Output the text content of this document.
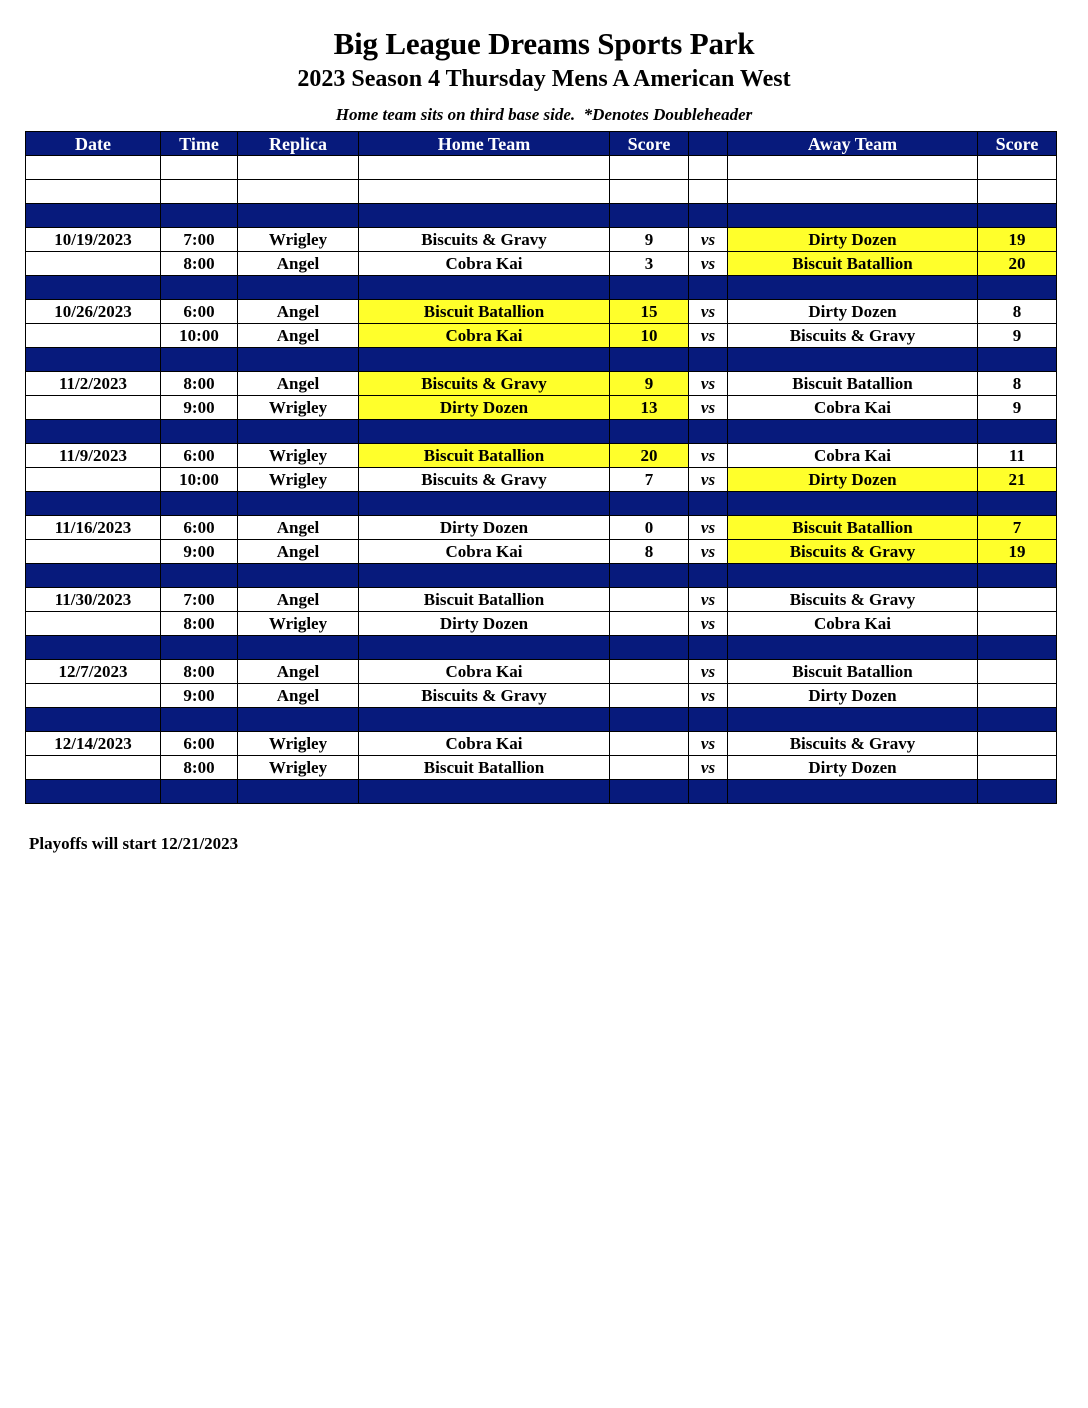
Big League Dreams Sports Park
2023 Season 4 Thursday Mens A American West
Home team sits on third base side.  *Denotes Doubleheader
Date	Time	Replica	Home Team	Score		Away Team	Score

10/19/2023	7:00	Wrigley	Biscuits & Gravy	9	vs	Dirty Dozen	19
	8:00	Angel	Cobra Kai	3	vs	Biscuit Batallion	20

10/26/2023	6:00	Angel	Biscuit Batallion	15	vs	Dirty Dozen	8
	10:00	Angel	Cobra Kai	10	vs	Biscuits & Gravy	9

11/2/2023	8:00	Angel	Biscuits & Gravy	9	vs	Biscuit Batallion	8
	9:00	Wrigley	Dirty Dozen	13	vs	Cobra Kai	9

11/9/2023	6:00	Wrigley	Biscuit Batallion	20	vs	Cobra Kai	11
	10:00	Wrigley	Biscuits & Gravy	7	vs	Dirty Dozen	21

11/16/2023	6:00	Angel	Dirty Dozen	0	vs	Biscuit Batallion	7
	9:00	Angel	Cobra Kai	8	vs	Biscuits & Gravy	19

11/30/2023	7:00	Angel	Biscuit Batallion		vs	Biscuits & Gravy	
	8:00	Wrigley	Dirty Dozen		vs	Cobra Kai	

12/7/2023	8:00	Angel	Cobra Kai		vs	Biscuit Batallion	
	9:00	Angel	Biscuits & Gravy		vs	Dirty Dozen	

12/14/2023	6:00	Wrigley	Cobra Kai		vs	Biscuits & Gravy	
	8:00	Wrigley	Biscuit Batallion		vs	Dirty Dozen	

Playoffs will start 12/21/2023
